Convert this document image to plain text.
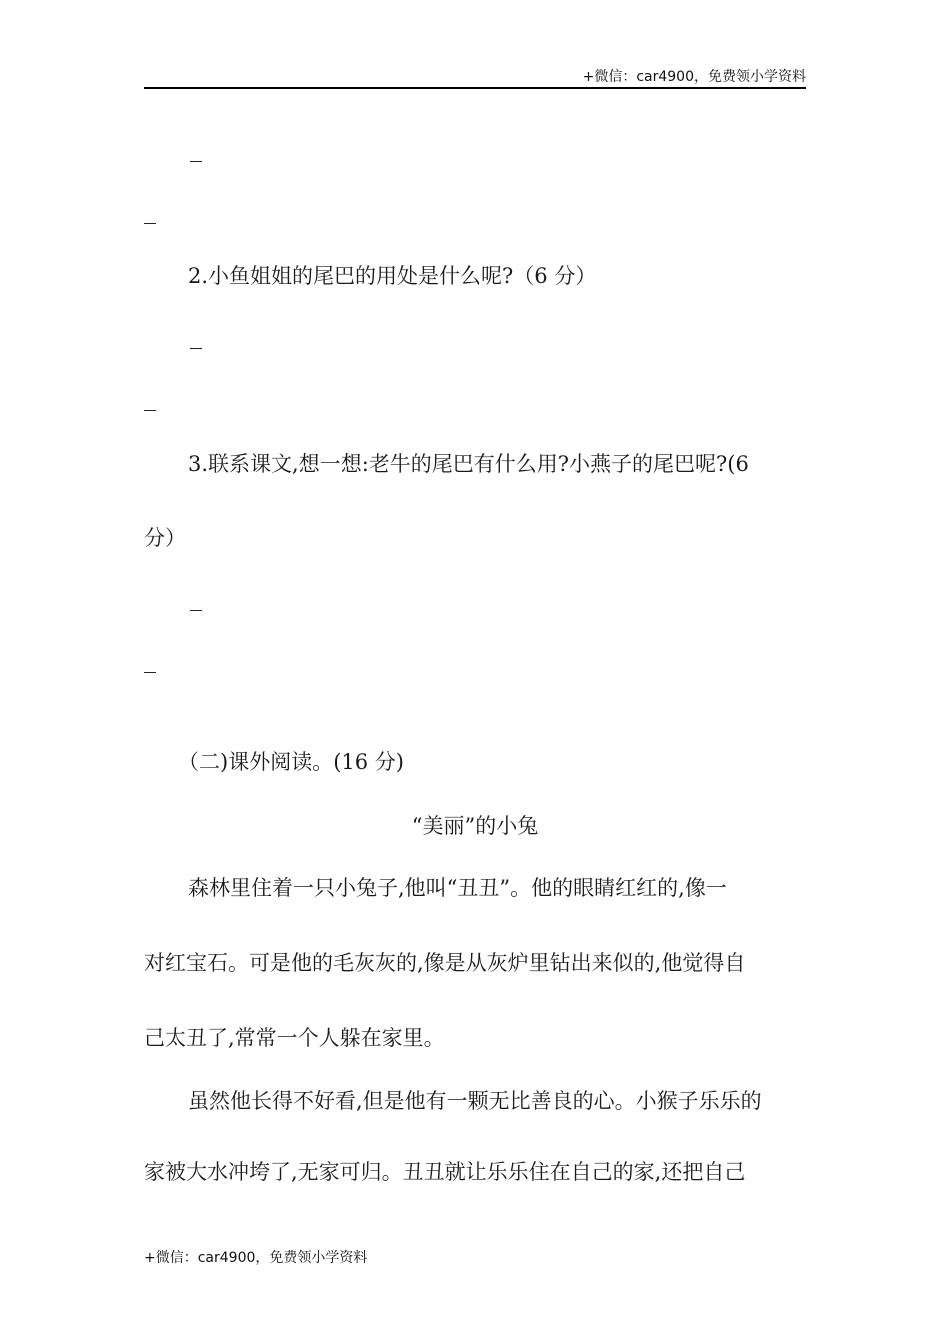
+微信：car4900，免费领小学资料
2.小鱼姐姐的尾巴的用处是什么呢?（6 分）
3.联系课文,想一想:老牛的尾巴有什么用?小燕子的尾巴呢?(6
分）
（二)课外阅读。(16 分)
“美丽”的小兔
森林里住着一只小兔子,他叫“丑丑”。他的眼睛红红的,像一
对红宝石。可是他的毛灰灰的,像是从灰炉里钻出来似的,他觉得自
己太丑了,常常一个人躲在家里。
虽然他长得不好看,但是他有一颗无比善良的心。小猴子乐乐的
家被大水冲垮了,无家可归。丑丑就让乐乐住在自己的家,还把自己
+微信：car4900，免费领小学资料
